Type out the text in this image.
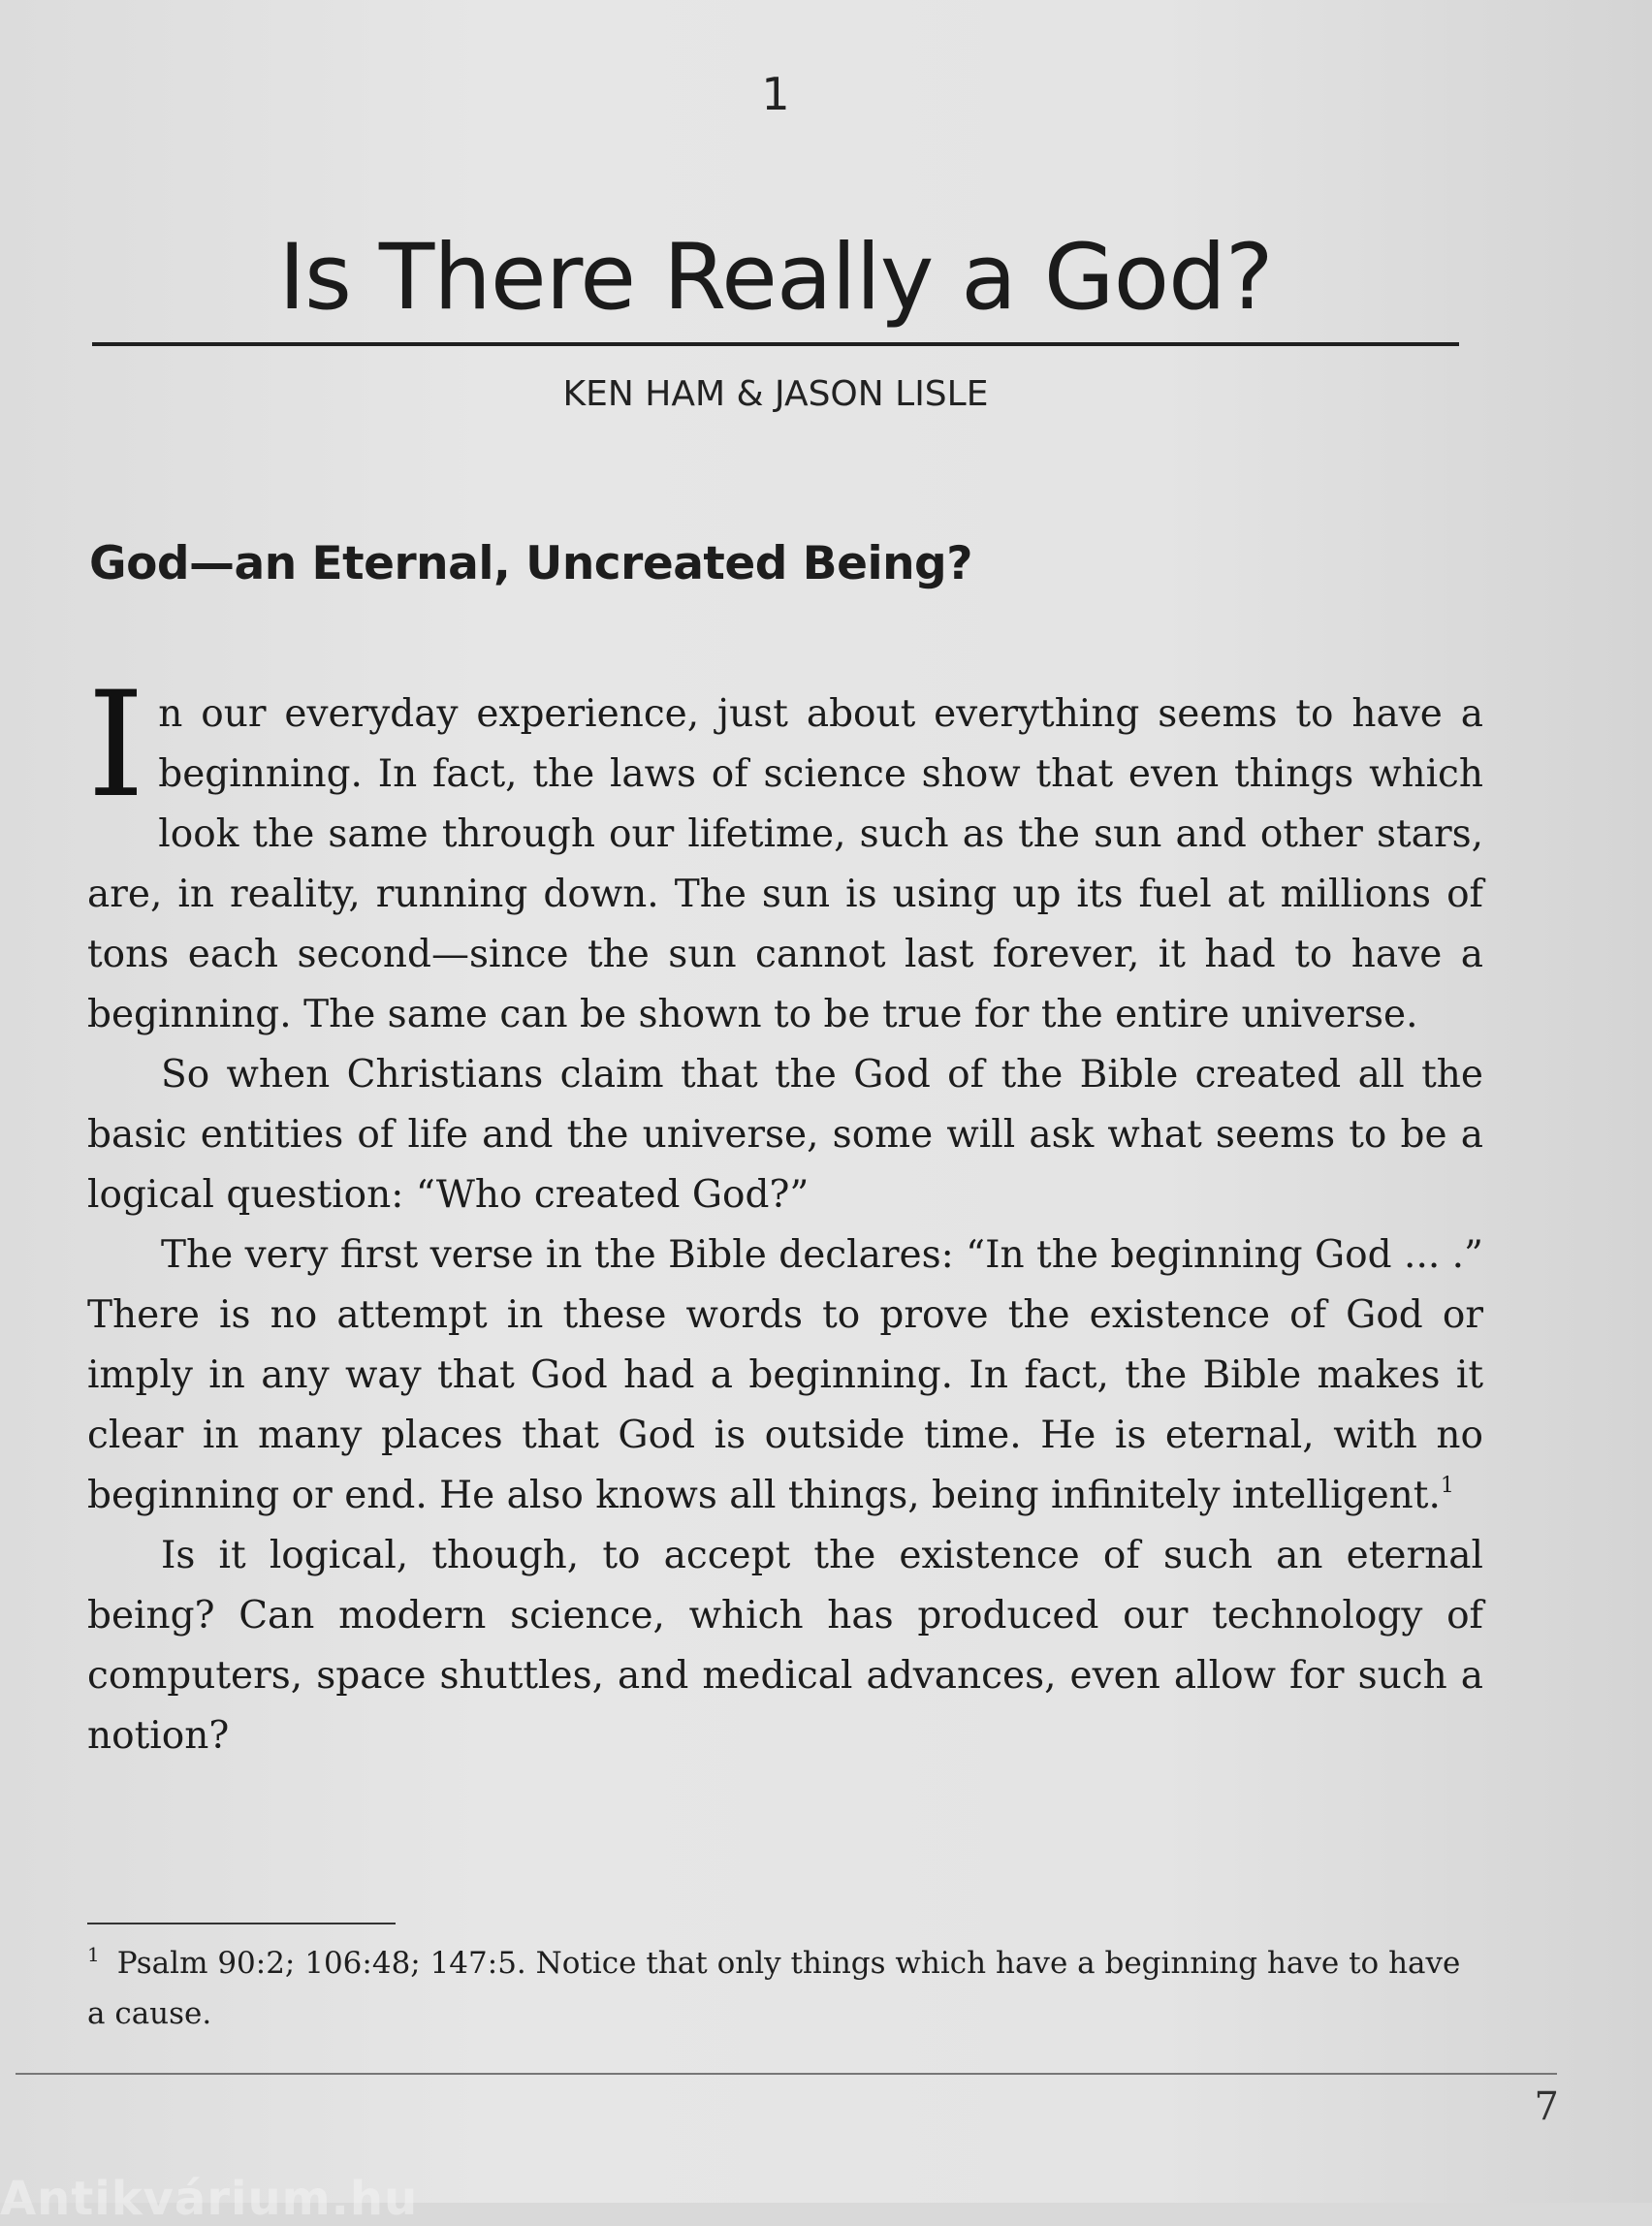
1
Is There Really a God?
KEN HAM & JASON LISLE
God—an Eternal, Uncreated Being?

In our everyday experience, just about everything seems to have a beginning. In fact, the laws of science show that even things which look the same through our lifetime, such as the sun and other stars, are, in reality, running down. The sun is using up its fuel at millions of tons each second—since the sun cannot last forever, it had to have a beginning. The same can be shown to be true for the entire universe.

So when Christians claim that the God of the Bible created all the basic entities of life and the universe, some will ask what seems to be a logical question: “Who created God?”

The very first verse in the Bible declares: “In the beginning God ... .” There is no attempt in these words to prove the existence of God or imply in any way that God had a beginning. In fact, the Bible makes it clear in many places that God is outside time. He is eternal, with no beginning or end. He also knows all things, being infinitely intelligent.$^1$

Is it logical, though, to accept the existence of such an eternal being? Can modern science, which has produced our technology of computers, space shuttles, and medical advances, even allow for such a notion?

$^1$ Psalm 90:2; 106:48; 147:5. Notice that only things which have a beginning have to have a cause.
7
Antikvárium.hu
